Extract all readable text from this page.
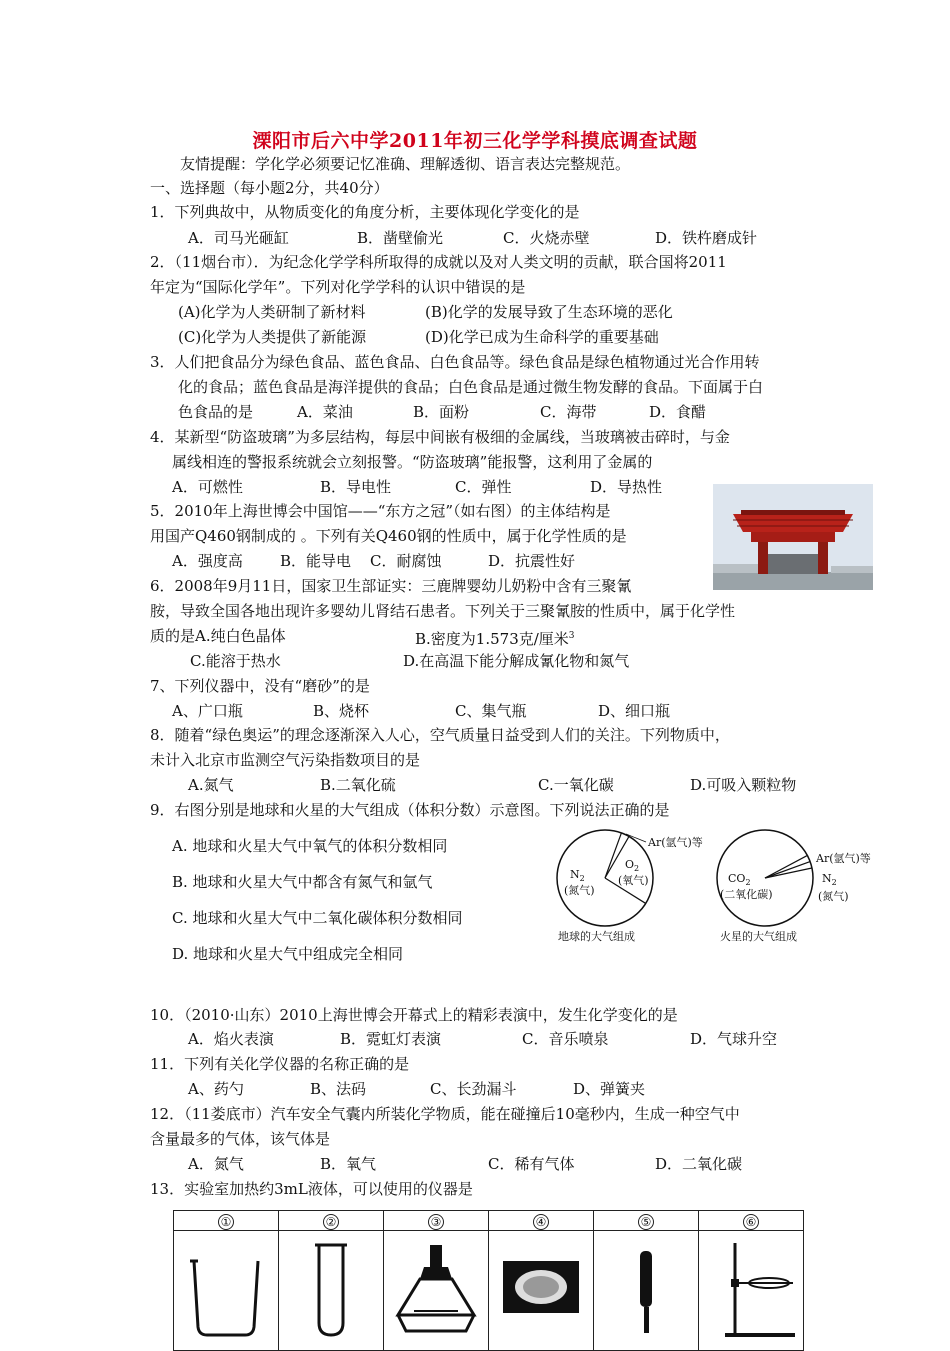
溧阳市后六中学2011年初三化学学科摸底调查试题
友情提醒：学化学必须要记忆准确、理解透彻、语言表达完整规范。
一、选择题（每小题2分，共40分）
1．下列典故中，从物质变化的角度分析，主要体现化学变化的是
A．司马光砸缸	B．凿壁偷光	C．火烧赤壁	D．铁杵磨成针
2．（11烟台市）．为纪念化学学科所取得的成就以及对人类文明的贡献，联合国将2011
年定为“国际化学年”。下列对化学学科的认识中错误的是
(A)化学为人类研制了新材料	(B)化学的发展导致了生态环境的恶化
(C)化学为人类提供了新能源	(D)化学已成为生命科学的重要基础
3．人们把食品分为绿色食品、蓝色食品、白色食品等。绿色食品是绿色植物通过光合作用转
化的食品；蓝色食品是海洋提供的食品；白色食品是通过微生物发酵的食品。下面属于白
色食品的是	A．菜油	B．面粉	C．海带	D．食醋
4．某新型“防盗玻璃”为多层结构，每层中间嵌有极细的金属线，当玻璃被击碎时，与金
属线相连的警报系统就会立刻报警。“防盗玻璃”能报警，这利用了金属的
A．可燃性	B．导电性	C．弹性	D．导热性
5．2010年上海世博会中国馆——“东方之冠”（如右图）的主体结构是
用国产Q460钢制成的 。下列有关Q460钢的性质中，属于化学性质的是
A．强度高 B．能导电 C．耐腐蚀	D．抗震性好
6．2008年9月11日，国家卫生部证实：三鹿牌婴幼儿奶粉中含有三聚氰
胺，导致全国各地出现许多婴幼儿肾结石患者。下列关于三聚氰胺的性质中，属于化学性
质的是A.纯白色晶体	B.密度为1.573克/厘米$^3$
C.能溶于热水	D.在高温下能分解成氰化物和氮气
7、下列仪器中，没有“磨砂”的是
A、广口瓶	B、烧杯	C、集气瓶	D、细口瓶
8．随着“绿色奥运”的理念逐渐深入人心，空气质量日益受到人们的关注。下列物质中，
未计入北京市监测空气污染指数项目的是
A.氮气	B.二氧化硫	C.一氧化碳	D.可吸入颗粒物
9．右图分别是地球和火星的大气组成（体积分数）示意图。下列说法正确的是
A. 地球和火星大气中氧气的体积分数相同
B. 地球和火星大气中都含有氮气和氩气
C. 地球和火星大气中二氧化碳体积分数相同
D. 地球和火星大气中组成完全相同
$N_2$
(氮气)
$O_2$
(氧气)
Ar(氩气)等
地球的大气组成
$CO_2$
(二氧化碳)
Ar(氩气)等
$N_2$
(氮气)
火星的大气组成
10．（2010·山东）2010上海世博会开幕式上的精彩表演中，发生化学变化的是
A．焰火表演	B．霓虹灯表演	C．音乐喷泉	D．气球升空
11．下列有关化学仪器的名称正确的是
A、药勺	B、法码	C、长劲漏斗	D、弹簧夹
12．（11娄底市）汽车安全气囊内所装化学物质，能在碰撞后10毫秒内，生成一种空气中
含量最多的气体，该气体是
A．氮气	B．氧气	C．稀有气体	D．二氧化碳
13．实验室加热约3mL液体，可以使用的仪器是
①	②	③	④	⑤	⑥
